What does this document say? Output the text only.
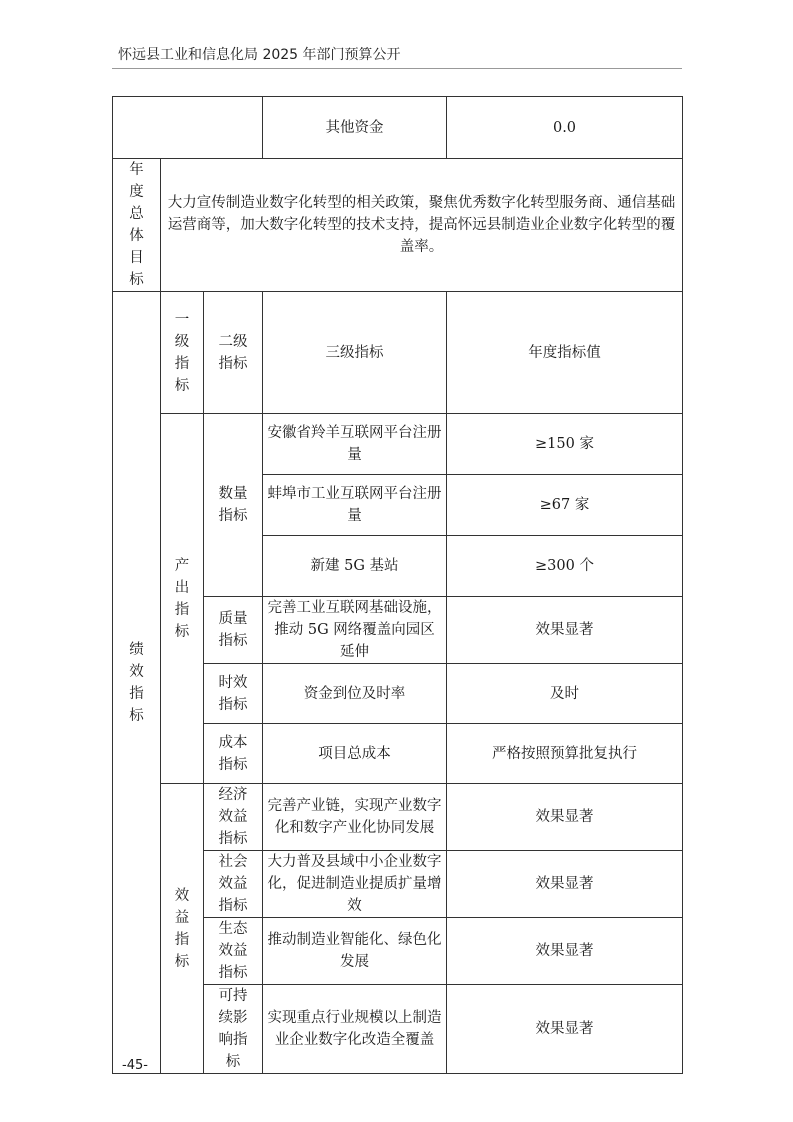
怀远县工业和信息化局 2025 年部门预算公开
			其他资金	0.0
年度总体目标	大力宣传制造业数字化转型的相关政策，聚焦优秀数字化转型服务商、通信基础运营商等，加大数字化转型的技术支持，提高怀远县制造业企业数字化转型的覆盖率。			
绩效指标	一级指标	二级指标	三级指标	年度指标值
	产出指标	数量指标	安徽省羚羊互联网平台注册量	≥150 家
			蚌埠市工业互联网平台注册量	≥67 家
			新建 5G 基站	≥300 个
		质量指标	完善工业互联网基础设施，推动 5G 网络覆盖向园区延伸	效果显著
		时效指标	资金到位及时率	及时
		成本指标	项目总成本	严格按照预算批复执行
	效益指标	经济效益指标	完善产业链，实现产业数字化和数字产业化协同发展	效果显著
		社会效益指标	大力普及县域中小企业数字化，促进制造业提质扩量增效	效果显著
		生态效益指标	推动制造业智能化、绿色化发展	效果显著
		可持续影响指标	实现重点行业规模以上制造业企业数字化改造全覆盖	效果显著
-45-
